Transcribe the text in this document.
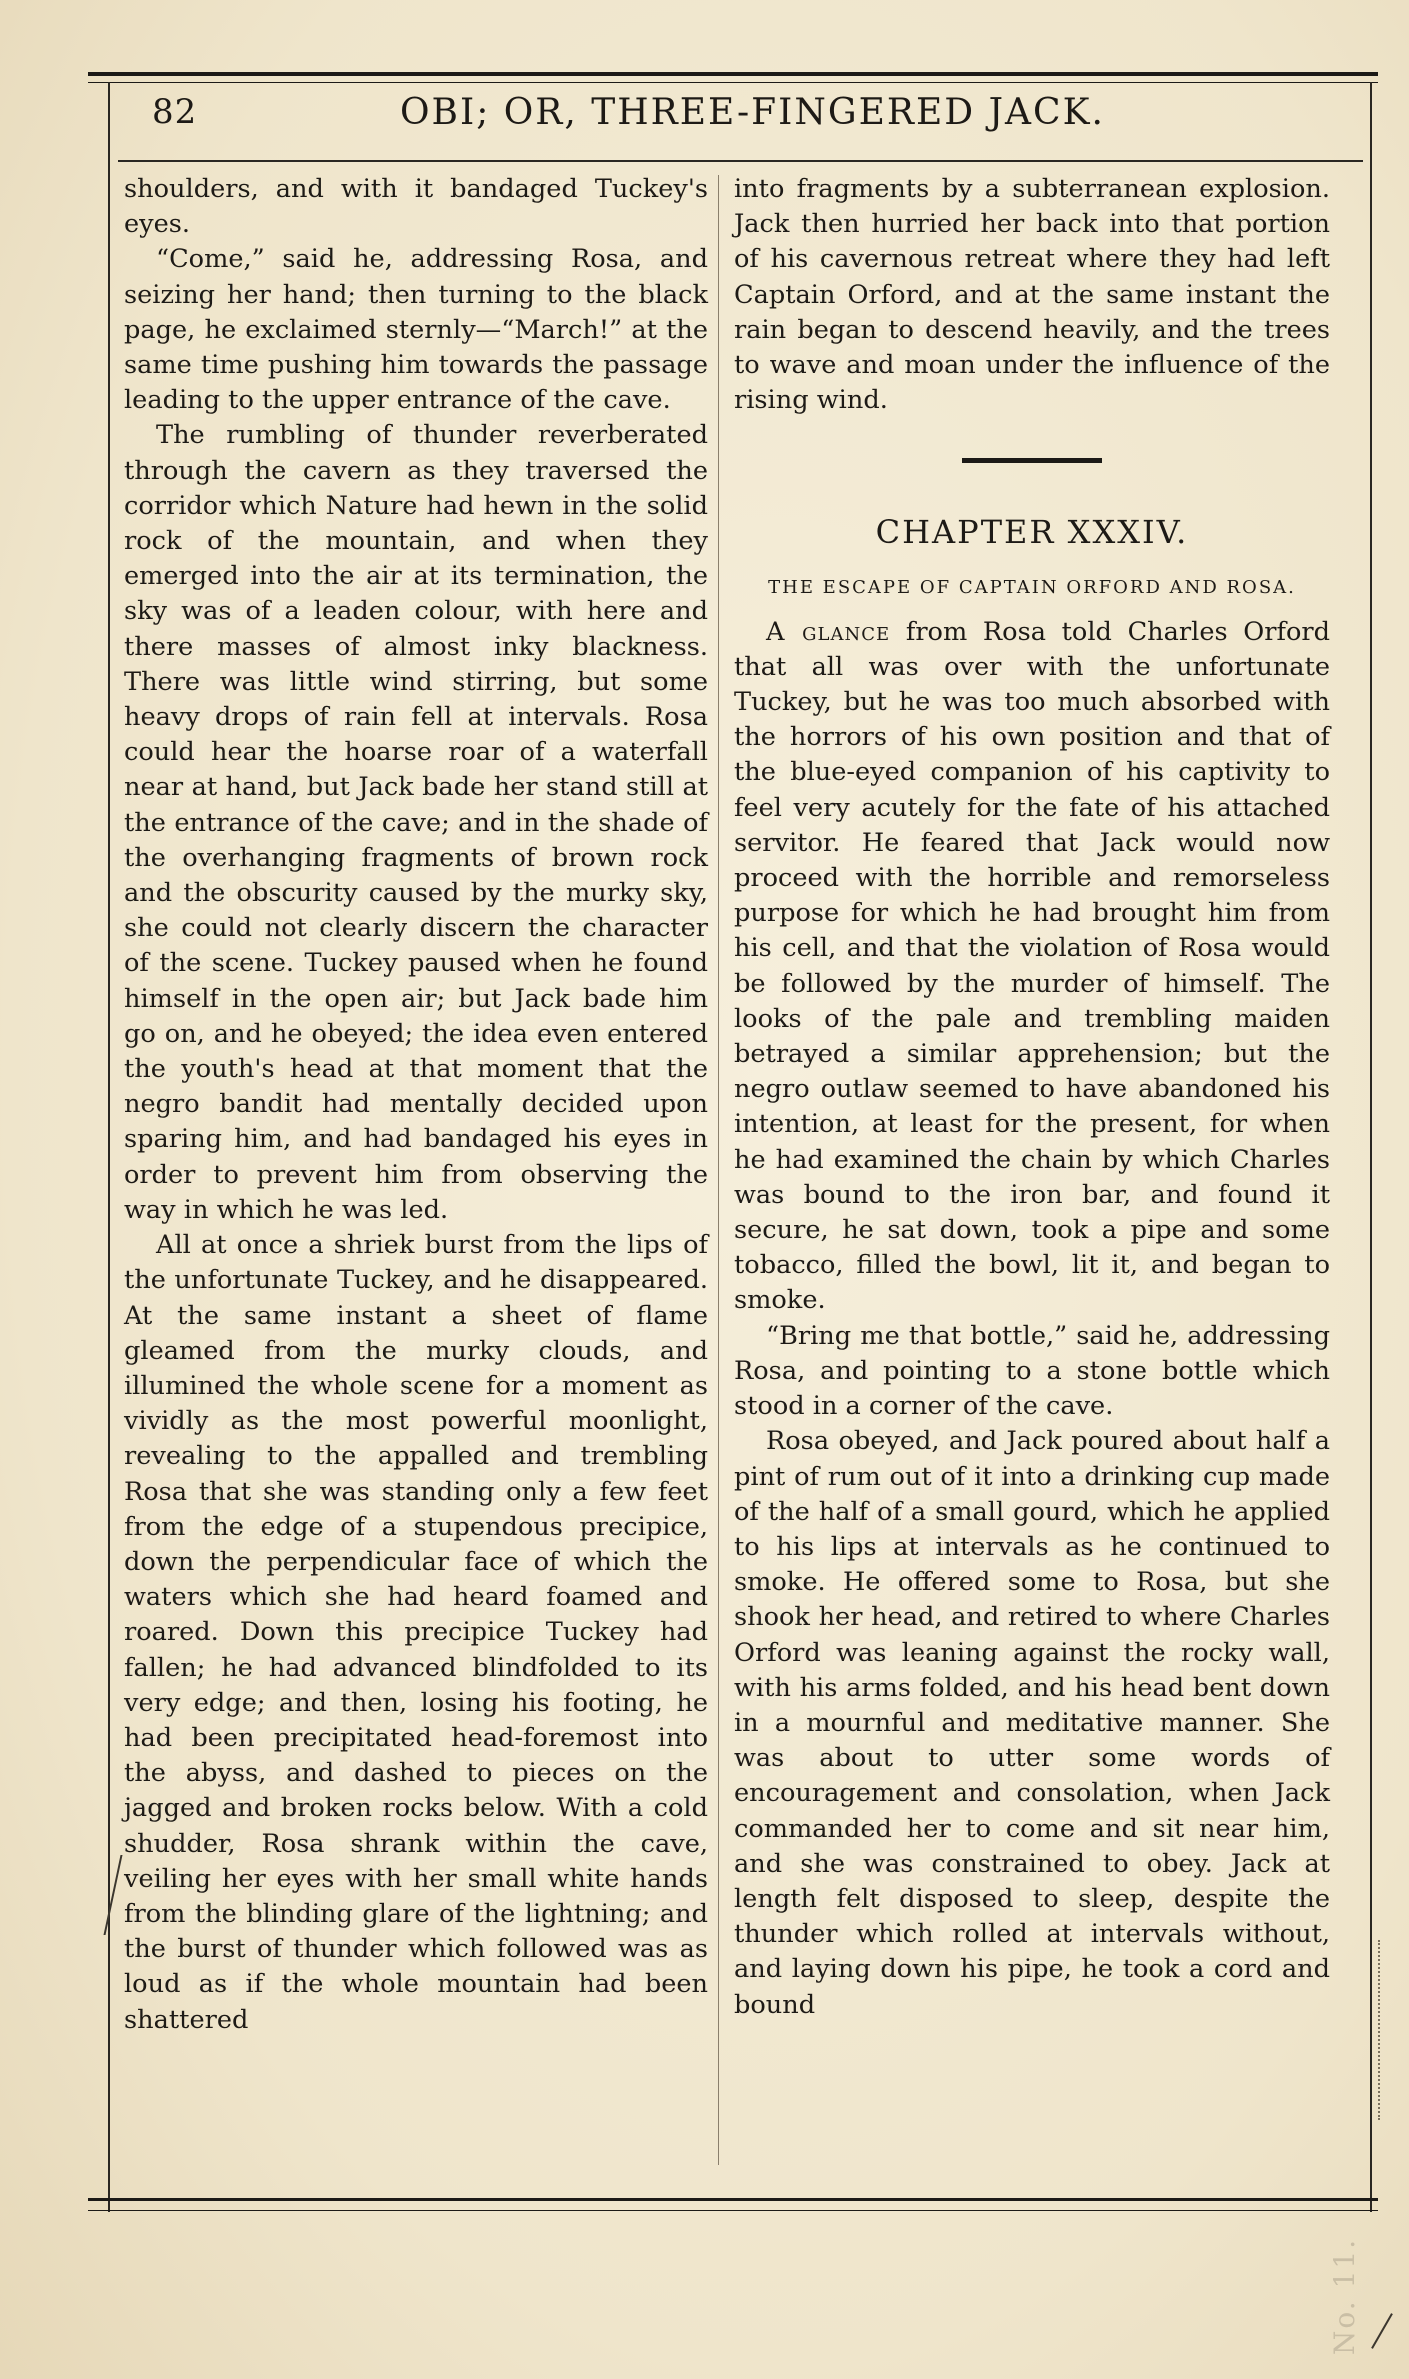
82	OBI; OR, THREE-FINGERED JACK.

shoulders, and with it bandaged Tuckey's eyes.

“Come,” said he, addressing Rosa, and seizing her hand; then turning to the black page, he exclaimed sternly—“March!” at the same time pushing him towards the passage leading to the upper entrance of the cave.

The rumbling of thunder reverberated through the cavern as they traversed the corridor which Nature had hewn in the solid rock of the mountain, and when they emerged into the air at its termination, the sky was of a leaden colour, with here and there masses of almost inky blackness. There was little wind stirring, but some heavy drops of rain fell at intervals. Rosa could hear the hoarse roar of a waterfall near at hand, but Jack bade her stand still at the entrance of the cave; and in the shade of the overhanging fragments of brown rock and the obscurity caused by the murky sky, she could not clearly discern the character of the scene. Tuckey paused when he found himself in the open air; but Jack bade him go on, and he obeyed; the idea even entered the youth's head at that moment that the negro bandit had mentally decided upon sparing him, and had bandaged his eyes in order to prevent him from observing the way in which he was led.

All at once a shriek burst from the lips of the unfortunate Tuckey, and he disappeared. At the same instant a sheet of flame gleamed from the murky clouds, and illumined the whole scene for a moment as vividly as the most powerful moonlight, revealing to the appalled and trembling Rosa that she was standing only a few feet from the edge of a stupendous precipice, down the perpendicular face of which the waters which she had heard foamed and roared. Down this precipice Tuckey had fallen; he had advanced blindfolded to its very edge; and then, losing his footing, he had been precipitated head-foremost into the abyss, and dashed to pieces on the jagged and broken rocks below. With a cold shudder, Rosa shrank within the cave, veiling her eyes with her small white hands from the blinding glare of the lightning; and the burst of thunder which followed was as loud as if the whole mountain had been shattered

into fragments by a subterranean explosion. Jack then hurried her back into that portion of his cavernous retreat where they had left Captain Orford, and at the same instant the rain began to descend heavily, and the trees to wave and moan under the influence of the rising wind.

CHAPTER XXXIV.
THE ESCAPE OF CAPTAIN ORFORD AND ROSA.

A glance from Rosa told Charles Orford that all was over with the unfortunate Tuckey, but he was too much absorbed with the horrors of his own position and that of the blue-eyed companion of his captivity to feel very acutely for the fate of his attached servitor. He feared that Jack would now proceed with the horrible and remorseless purpose for which he had brought him from his cell, and that the violation of Rosa would be followed by the murder of himself. The looks of the pale and trembling maiden betrayed a similar apprehension; but the negro outlaw seemed to have abandoned his intention, at least for the present, for when he had examined the chain by which Charles was bound to the iron bar, and found it secure, he sat down, took a pipe and some tobacco, filled the bowl, lit it, and began to smoke.

“Bring me that bottle,” said he, addressing Rosa, and pointing to a stone bottle which stood in a corner of the cave.

Rosa obeyed, and Jack poured about half a pint of rum out of it into a drinking cup made of the half of a small gourd, which he applied to his lips at intervals as he continued to smoke. He offered some to Rosa, but she shook her head, and retired to where Charles Orford was leaning against the rocky wall, with his arms folded, and his head bent down in a mournful and meditative manner. She was about to utter some words of encouragement and consolation, when Jack commanded her to come and sit near him, and she was constrained to obey. Jack at length felt disposed to sleep, despite the thunder which rolled at intervals without, and laying down his pipe, he took a cord and bound

No. 11.
